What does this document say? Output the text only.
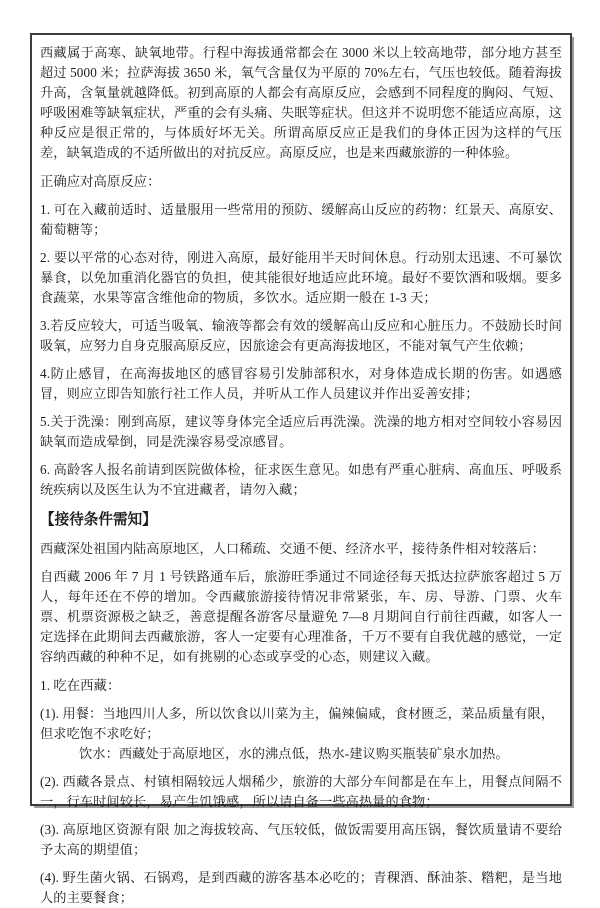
西藏属于高寒、缺氧地带。行程中海拔通常都会在 3000 米以上较高地带，部分地方甚至超过 5000 米；拉萨海拔 3650 米，氧气含量仅为平原的 70%左右，气压也较低。随着海拔升高，含氧量就越降低。初到高原的人都会有高原反应，会感到不同程度的胸闷、气短、呼吸困难等缺氧症状，严重的会有头痛、失眠等症状。但这并不说明您不能适应高原，这种反应是很正常的，与体质好坏无关。所谓高原反应正是我们的身体正因为这样的气压差，缺氧造成的不适所做出的对抗反应。高原反应，也是来西藏旅游的一种体验。

正确应对高原反应：

1. 可在入藏前适时、适量服用一些常用的预防、缓解高山反应的药物：红景天、高原安、葡萄糖等；

2. 要以平常的心态对待，刚进入高原，最好能用半天时间休息。行动别太迅速、不可暴饮暴食，以免加重消化器官的负担，使其能很好地适应此环境。最好不要饮酒和吸烟。要多食蔬菜，水果等富含维他命的物质，多饮水。适应期一般在 1-3 天；

3.若反应较大，可适当吸氧、输液等都会有效的缓解高山反应和心脏压力。不鼓励长时间吸氧，应努力自身克服高原反应，因旅途会有更高海拔地区，不能对氧气产生依赖；

4.防止感冒，在高海拔地区的感冒容易引发肺部积水，对身体造成长期的伤害。如遇感冒，则应立即告知旅行社工作人员，并听从工作人员建议并作出妥善安排；

5.关于洗澡：刚到高原，建议等身体完全适应后再洗澡。洗澡的地方相对空间较小容易因缺氧而造成晕倒，同是洗澡容易受凉感冒。

6. 高龄客人报名前请到医院做体检，征求医生意见。如患有严重心脏病、高血压、呼吸系统疾病以及医生认为不宜进藏者，请勿入藏；

【接待条件需知】

西藏深处祖国内陆高原地区，人口稀疏、交通不便、经济水平，接待条件相对较落后：

自西藏 2006 年 7 月 1 号铁路通车后，旅游旺季通过不同途径每天抵达拉萨旅客超过 5 万人，每年还在不停的增加。令西藏旅游接待情况非常紧张，车、房、导游、门票、火车票、机票资源极之缺乏，善意提醒各游客尽量避免 7—8 月期间自行前往西藏，如客人一定选择在此期间去西藏旅游，客人一定要有心理准备，千万不要有自我优越的感觉，一定容纳西藏的种种不足，如有挑剔的心态或享受的心态，则建议入藏。

1. 吃在西藏：

(1). 用餐：当地四川人多，所以饮食以川菜为主，偏辣偏咸，食材匮乏，菜品质量有限，但求吃饱不求吃好；

饮水：西藏处于高原地区，水的沸点低，热水-建议购买瓶装矿泉水加热。

(2). 西藏各景点、村镇相隔较远人烟稀少，旅游的大部分车间都是在车上，用餐点间隔不一，行车时间较长，易产生饥饿感，所以请自备一些高热量的食物；

(3). 高原地区资源有限 加之海拔较高、气压较低，做饭需要用高压锅，餐饮质量请不要给予太高的期望值；

(4). 野生菌火锅、石锅鸡，是到西藏的游客基本必吃的；青稞酒、酥油茶、糌粑，是当地人的主要餐食；
